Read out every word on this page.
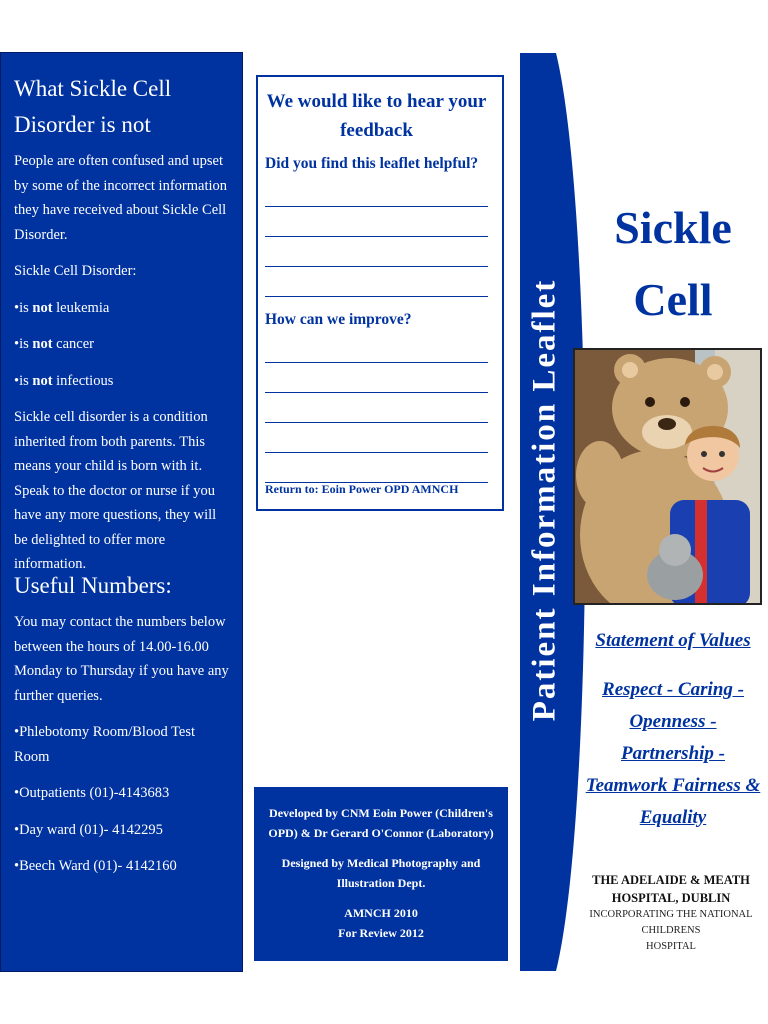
What Sickle Cell Disorder is not

People are often confused and upset by some of the incorrect information they have received about Sickle Cell Disorder.

Sickle Cell Disorder:

•is not leukemia

•is not cancer

•is not infectious

Sickle cell disorder is a condition inherited from both parents. This means your child is born with it. Speak to the doctor or nurse if you have any more questions, they will be delighted to offer more information.

Useful Numbers:

You may contact the numbers below between the hours of 14.00-16.00 Monday to Thursday if you have any further queries.

•Phlebotomy Room/Blood Test Room

•Outpatients (01)-4143683

•Day ward (01)- 4142295

•Beech Ward (01)- 4142160

We would like to hear your feedback
Did you find this leaflet helpful?
How can we improve?
Return to: Eoin Power OPD AMNCH

Developed by CNM Eoin Power (Children's OPD) & Dr Gerard O'Connor (Laboratory)

Designed by Medical Photography and Illustration Dept.

AMNCH 2010
For Review 2012

Patient Information Leaflet
Sickle Cell
Statement of Values
Respect - Caring -
Openness - Partnership -
Teamwork Fairness &
Equality
THE ADELAIDE & MEATH
HOSPITAL, DUBLIN
INCORPORATING THE NATIONAL CHILDRENS
HOSPITAL
